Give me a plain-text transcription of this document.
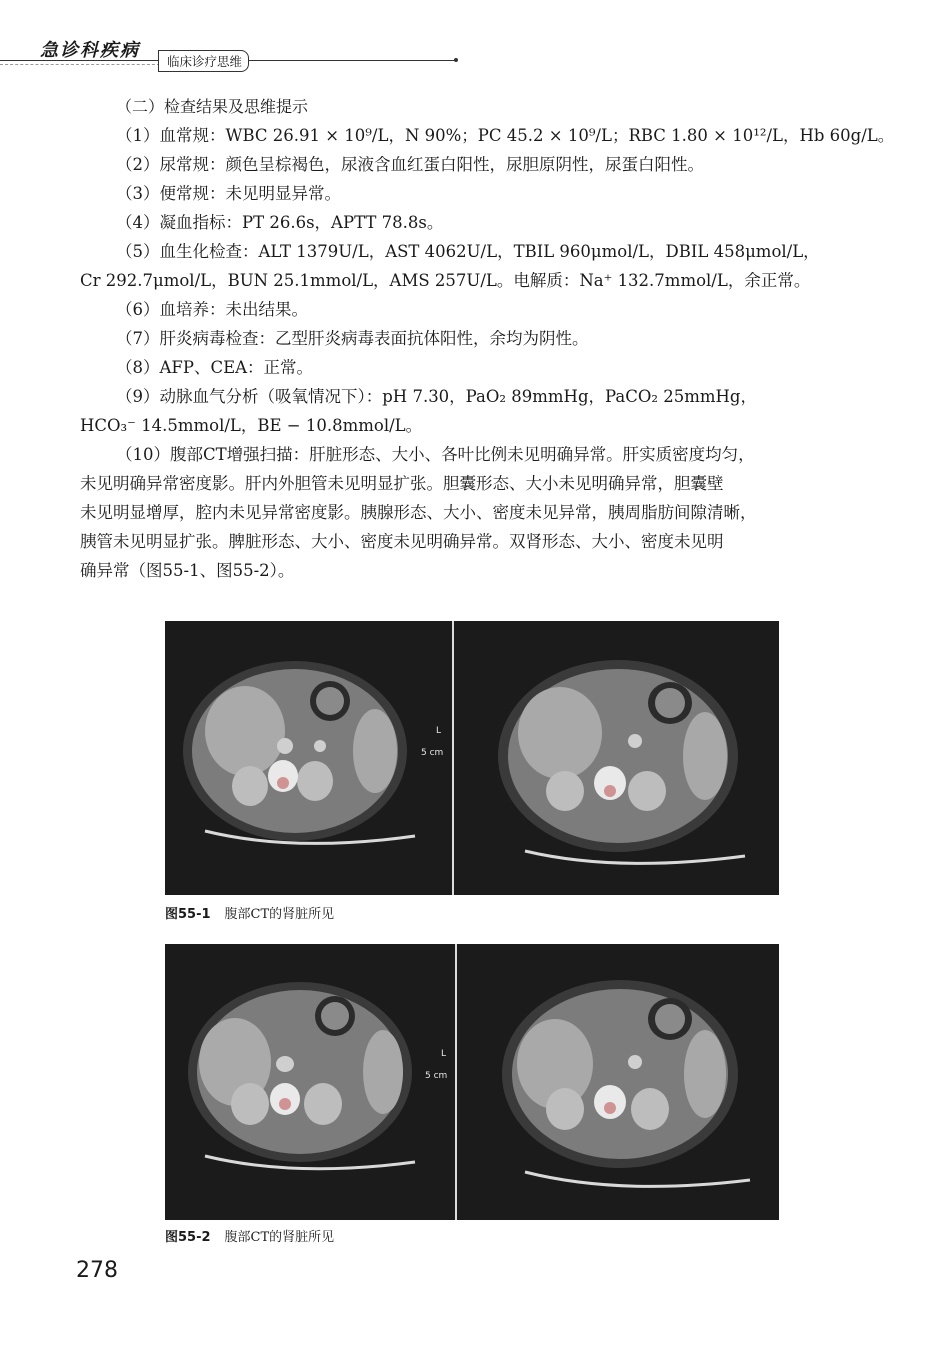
急诊科疾病
临床诊疗思维
（二）检查结果及思维提示
（1）血常规：WBC 26.91 × 10⁹/L，N 90%；PC 45.2 × 10⁹/L；RBC 1.80 × 10¹²/L，Hb 60g/L。
（2）尿常规：颜色呈棕褐色，尿液含血红蛋白阳性，尿胆原阴性，尿蛋白阳性。
（3）便常规：未见明显异常。
（4）凝血指标：PT 26.6s，APTT 78.8s。
（5）血生化检查：ALT 1379U/L，AST 4062U/L，TBIL 960μmol/L，DBIL 458μmol/L，
Cr 292.7μmol/L，BUN 25.1mmol/L，AMS 257U/L。电解质：Na⁺ 132.7mmol/L，余正常。
（6）血培养：未出结果。
（7）肝炎病毒检查：乙型肝炎病毒表面抗体阳性，余均为阴性。
（8）AFP、CEA：正常。
（9）动脉血气分析（吸氧情况下）：pH 7.30，PaO₂ 89mmHg，PaCO₂ 25mmHg，
HCO₃⁻ 14.5mmol/L，BE − 10.8mmol/L。
（10）腹部CT增强扫描：肝脏形态、大小、各叶比例未见明确异常。肝实质密度均匀，
未见明确异常密度影。肝内外胆管未见明显扩张。胆囊形态、大小未见明确异常，胆囊壁
未见明显增厚，腔内未见异常密度影。胰腺形态、大小、密度未见异常，胰周脂肪间隙清晰，
胰管未见明显扩张。脾脏形态、大小、密度未见明确异常。双肾形态、大小、密度未见明
确异常（图55-1、图55-2）。
L
5 cm
图55-1 腹部CT的肾脏所见
L
5 cm
图55-2 腹部CT的肾脏所见
278
